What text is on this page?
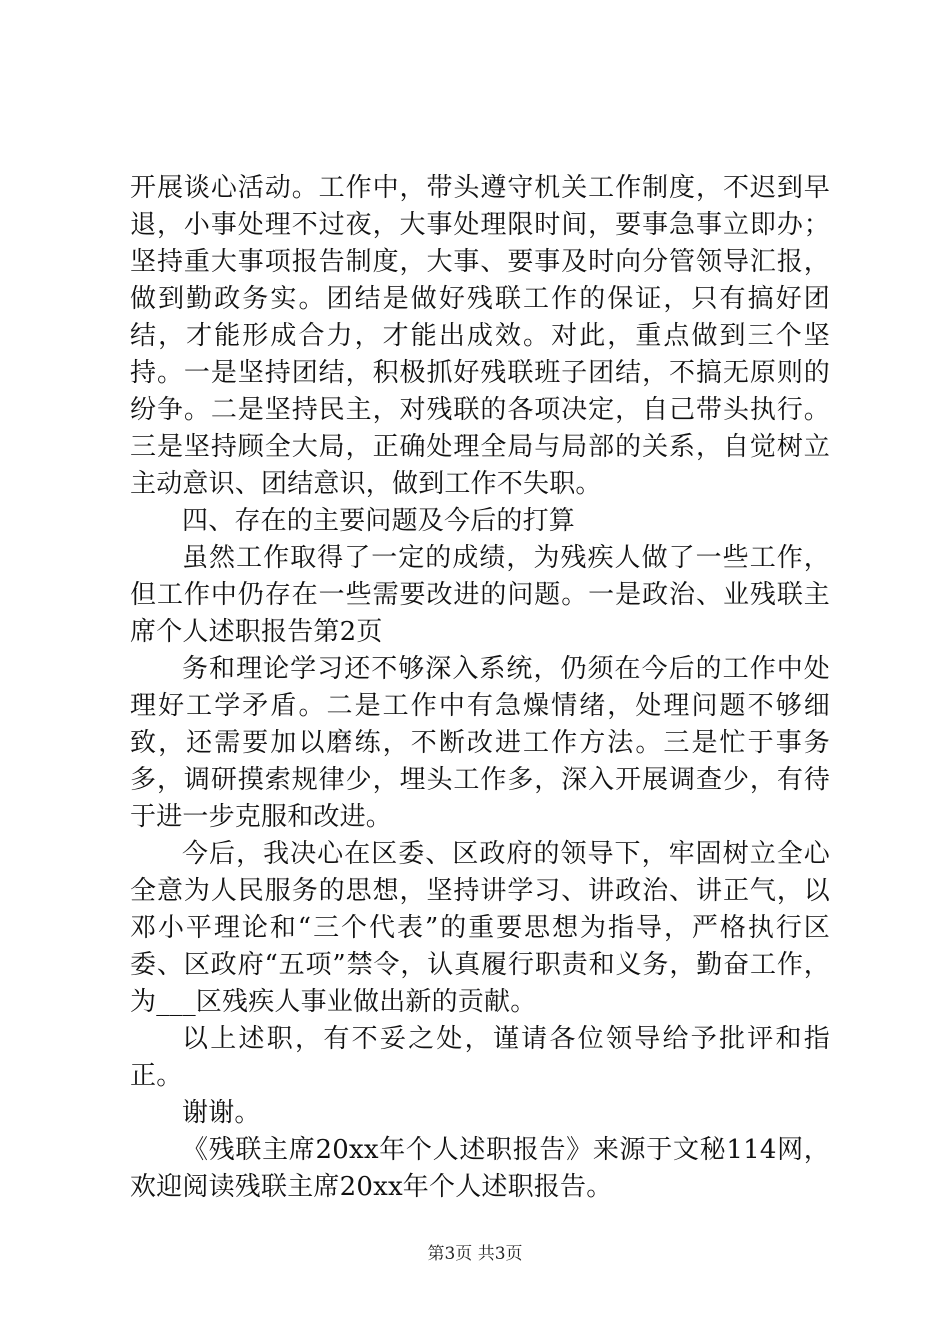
开展谈心活动。工作中，带头遵守机关工作制度，不迟到早退，小事处理不过夜，大事处理限时间，要事急事立即办；坚持重大事项报告制度，大事、要事及时向分管领导汇报，做到勤政务实。团结是做好残联工作的保证，只有搞好团结，才能形成合力，才能出成效。对此，重点做到三个坚持。一是坚持团结，积极抓好残联班子团结，不搞无原则的纷争。二是坚持民主，对残联的各项决定，自己带头执行。三是坚持顾全大局，正确处理全局与局部的关系，自觉树立主动意识、团结意识，做到工作不失职。

四、存在的主要问题及今后的打算

虽然工作取得了一定的成绩，为残疾人做了一些工作，但工作中仍存在一些需要改进的问题。一是政治、业残联主席个人述职报告第2页

务和理论学习还不够深入系统，仍须在今后的工作中处理好工学矛盾。二是工作中有急燥情绪，处理问题不够细致，还需要加以磨练，不断改进工作方法。三是忙于事务多，调研摸索规律少，埋头工作多，深入开展调查少，有待于进一步克服和改进。

今后，我决心在区委、区政府的领导下，牢固树立全心全意为人民服务的思想，坚持讲学习、讲政治、讲正气，以邓小平理论和“三个代表”的重要思想为指导，严格执行区委、区政府“五项”禁令，认真履行职责和义务，勤奋工作，为___区残疾人事业做出新的贡献。

以上述职，有不妥之处，谨请各位领导给予批评和指正。

谢谢。

《残联主席20xx年个人述职报告》来源于文秘114网，欢迎阅读残联主席20xx年个人述职报告。

第3页 共3页
